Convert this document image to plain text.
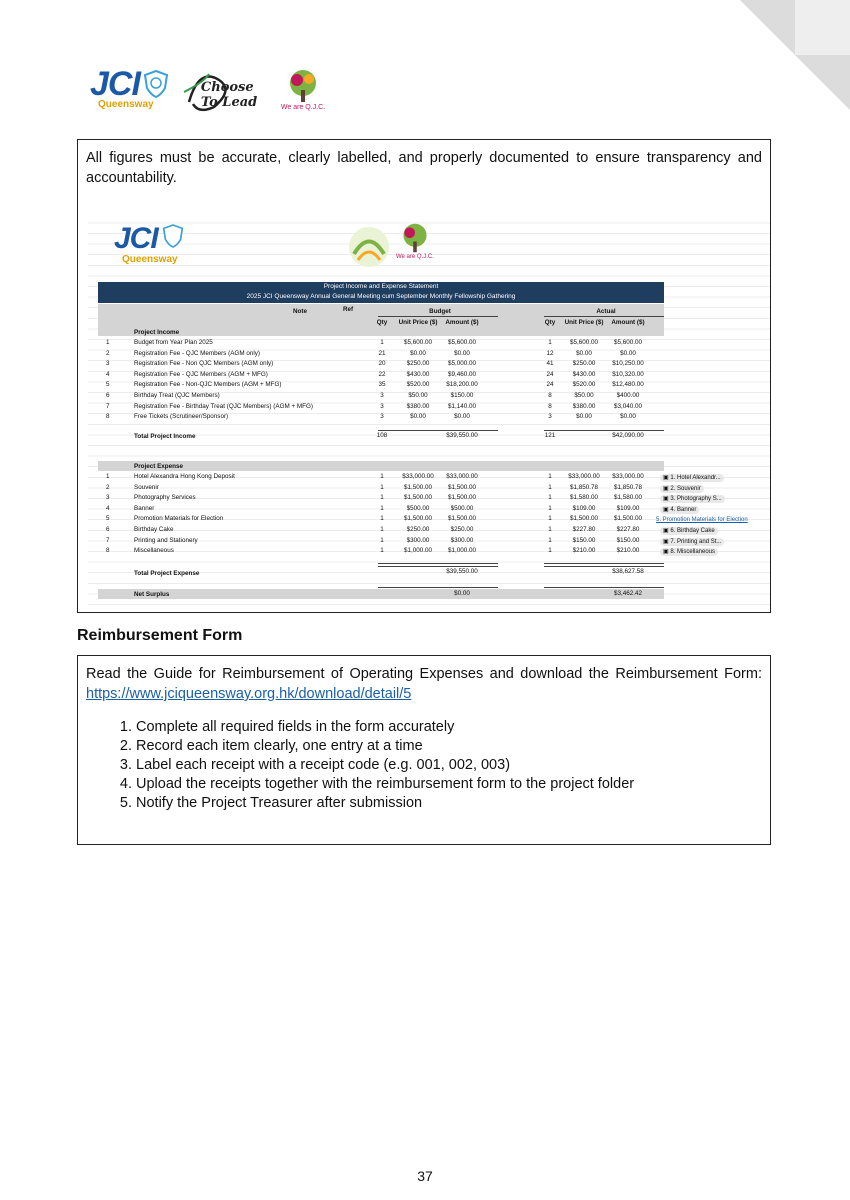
JCI
Queensway
Choose To Lead	We are Q.J.C.
All figures must be accurate, clearly labelled, and properly documented to ensure transparency and accountability.
JCI
Queensway	We are Q.J.C.
Project Income and Expense Statement
2025 JCI Queensway Annual General Meeting cum September Monthly Fellowship Gathering
Note	Ref	Budget	Actual
Qty	Unit Price ($)	Amount ($)	Qty	Unit Price ($)	Amount ($)
Project Income
1	Budget from Year Plan 2025	1	$5,600.00	$5,600.00	1	$5,600.00	$5,600.00
2	Registration Fee - QJC Members (AGM only)	21	$0.00	$0.00	12	$0.00	$0.00
3	Registration Fee - Non QJC Members (AGM only)	20	$250.00	$5,000.00	41	$250.00	$10,250.00
4	Registration Fee - QJC Members (AGM + MFG)	22	$430.00	$9,460.00	24	$430.00	$10,320.00
5	Registration Fee - Non-QJC Members (AGM + MFG)	35	$520.00	$18,200.00	24	$520.00	$12,480.00
6	Birthday Treat (QJC Members)	3	$50.00	$150.00	8	$50.00	$400.00
7	Registration Fee - Birthday Treat (QJC Members) (AGM + MFG)	3	$380.00	$1,140.00	8	$380.00	$3,040.00
8	Free Tickets (Scrutineer/Sponsor)	3	$0.00	$0.00	3	$0.00	$0.00
Total Project Income	108	$39,550.00	121	$42,090.00
Project Expense
1	Hotel Alexandra Hong Kong Deposit	1	$33,000.00	$33,000.00	1	$33,000.00	$33,000.00	▣ 1. Hotel Alexandr...
2	Souvenir	1	$1,500.00	$1,500.00	1	$1,850.78	$1,850.78	▣ 2. Souvenir
3	Photography Services	1	$1,500.00	$1,500.00	1	$1,580.00	$1,580.00	▣ 3. Photography S...
4	Banner	1	$500.00	$500.00	1	$109.00	$109.00	▣ 4. Banner
5	Promotion Materials for Election	1	$1,500.00	$1,500.00	1	$1,500.00	$1,500.00	5. Promotion Materials for Election
6	Birthday Cake	1	$250.00	$250.00	1	$227.80	$227.80	▣ 6. Birthday Cake
7	Printing and Stationery	1	$300.00	$300.00	1	$150.00	$150.00	▣ 7. Printing and St...
8	Miscellaneous	1	$1,000.00	$1,000.00	1	$210.00	$210.00	▣ 8. Miscellaneous
Total Project Expense	$39,550.00	$38,627.58
Net Surplus	$0.00	$3,462.42
Reimbursement Form
Read the Guide for Reimbursement of Operating Expenses and download the Reimbursement Form: https://www.jciqueensway.org.hk/download/detail/5
1. Complete all required fields in the form accurately
2. Record each item clearly, one entry at a time
3. Label each receipt with a receipt code (e.g. 001, 002, 003)
4. Upload the receipts together with the reimbursement form to the project folder
5. Notify the Project Treasurer after submission
37
